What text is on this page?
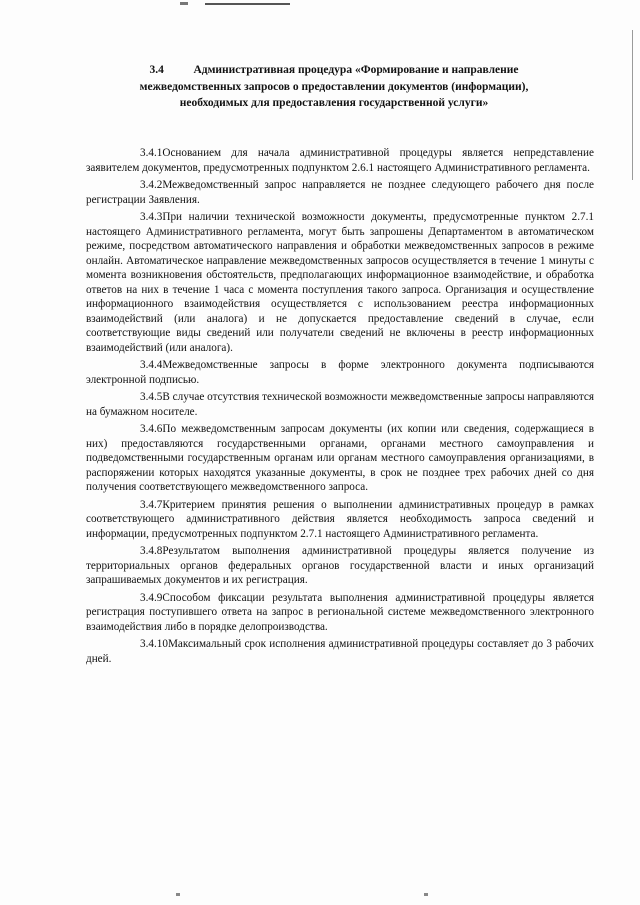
3.4	Административная процедура «Формирование и направление
межведомственных запросов о предоставлении документов (информации),
необходимых для предоставления государственной услуги»

3.4.1Основанием для начала административной процедуры является непредставление заявителем документов, предусмотренных подпунктом 2.6.1 настоящего Административного регламента.

3.4.2Межведомственный запрос направляется не позднее следующего рабочего дня после регистрации Заявления.

3.4.3При наличии технической возможности документы, предусмотренные пунктом 2.7.1 настоящего Административного регламента, могут быть запрошены Департаментом в автоматическом режиме, посредством автоматического направления и обработки межведомственных запросов в режиме онлайн. Автоматическое направление межведомственных запросов осуществляется в течение 1 минуты с момента возникновения обстоятельств, предполагающих информационное взаимодействие, и обработка ответов на них в течение 1 часа с момента поступления такого запроса. Организация и осуществление информационного взаимодействия осуществляется с использованием реестра информационных взаимодействий (или аналога) и не допускается предоставление сведений в случае, если соответствующие виды сведений или получатели сведений не включены в реестр информационных взаимодействий (или аналога).

3.4.4Межведомственные запросы в форме электронного документа подписываются электронной подписью.

3.4.5В случае отсутствия технической возможности межведомственные запросы направляются на бумажном носителе.

3.4.6По межведомственным запросам документы (их копии или сведения, содержащиеся в них) предоставляются государственными органами, органами местного самоуправления и подведомственными государственным органам или органам местного самоуправления организациями, в распоряжении которых находятся указанные документы, в срок не позднее трех рабочих дней со дня получения соответствующего межведомственного запроса.

3.4.7Критерием принятия решения о выполнении административных процедур в рамках соответствующего административного действия является необходимость запроса сведений и информации, предусмотренных подпунктом 2.7.1 настоящего Административного регламента.

3.4.8Результатом выполнения административной процедуры является получение из территориальных органов федеральных органов государственной власти и иных организаций запрашиваемых документов и их регистрация.

3.4.9Способом фиксации результата выполнения административной процедуры является регистрация поступившего ответа на запрос в региональной системе межведомственного электронного взаимодействия либо в порядке делопроизводства.

3.4.10Максимальный срок исполнения административной процедуры составляет до 3 рабочих дней.
